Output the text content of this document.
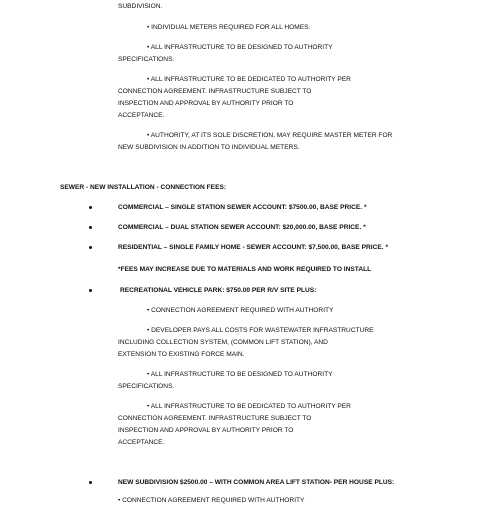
SUBDIVISION.
• INDIVIDUAL METERS REQUIRED FOR ALL HOMES.
• ALL INFRASTRUCTURE TO BE DESIGNED TO AUTHORITY
SPECIFICATIONS.
• ALL INFRASTRUCTURE TO BE DEDICATED TO AUTHORITY PER
CONNECTION AGREEMENT. INFRASTRUCTURE SUBJECT TO
INSPECTION AND APPROVAL BY AUTHORITY PRIOR TO
ACCEPTANCE.
• AUTHORITY, AT ITS SOLE DISCRETION, MAY REQUIRE MASTER METER FOR
NEW SUBDIVISION IN ADDITION TO INDIVIDUAL METERS.
SEWER - NEW INSTALLATION - CONNECTION FEES:
COMMERCIAL – SINGLE STATION SEWER ACCOUNT: $7500.00, BASE PRICE. *
COMMERCIAL – DUAL STATION SEWER ACCOUNT: $20,000.00, BASE PRICE. *
RESIDENTIAL – SINGLE FAMILY HOME - SEWER ACCOUNT: $7,500.00, BASE PRICE. *
*FEES MAY INCREASE DUE TO MATERIALS AND WORK REQUIRED TO INSTALL
RECREATIONAL VEHICLE PARK: $750.00 PER R/V SITE PLUS:
• CONNECTION AGREEMENT REQUIRED WITH AUTHORITY
• DEVELOPER PAYS ALL COSTS FOR WASTEWATER INFRASTRUCTURE
INCLUDING COLLECTION SYSTEM, (COMMON LIFT STATION), AND
EXTENSION TO EXISTING FORCE MAIN.
• ALL INFRASTRUCTURE TO BE DESIGNED TO AUTHORITY
SPECIFICATIONS.
• ALL INFRASTRUCTURE TO BE DEDICATED TO AUTHORITY PER
CONNECTION AGREEMENT. INFRASTRUCTURE SUBJECT TO
INSPECTION AND APPROVAL BY AUTHORITY PRIOR TO
ACCEPTANCE.
NEW SUBDIVISION $2500.00 – WITH COMMON AREA LIFT STATION- PER HOUSE PLUS:
• CONNECTION AGREEMENT REQUIRED WITH AUTHORITY
